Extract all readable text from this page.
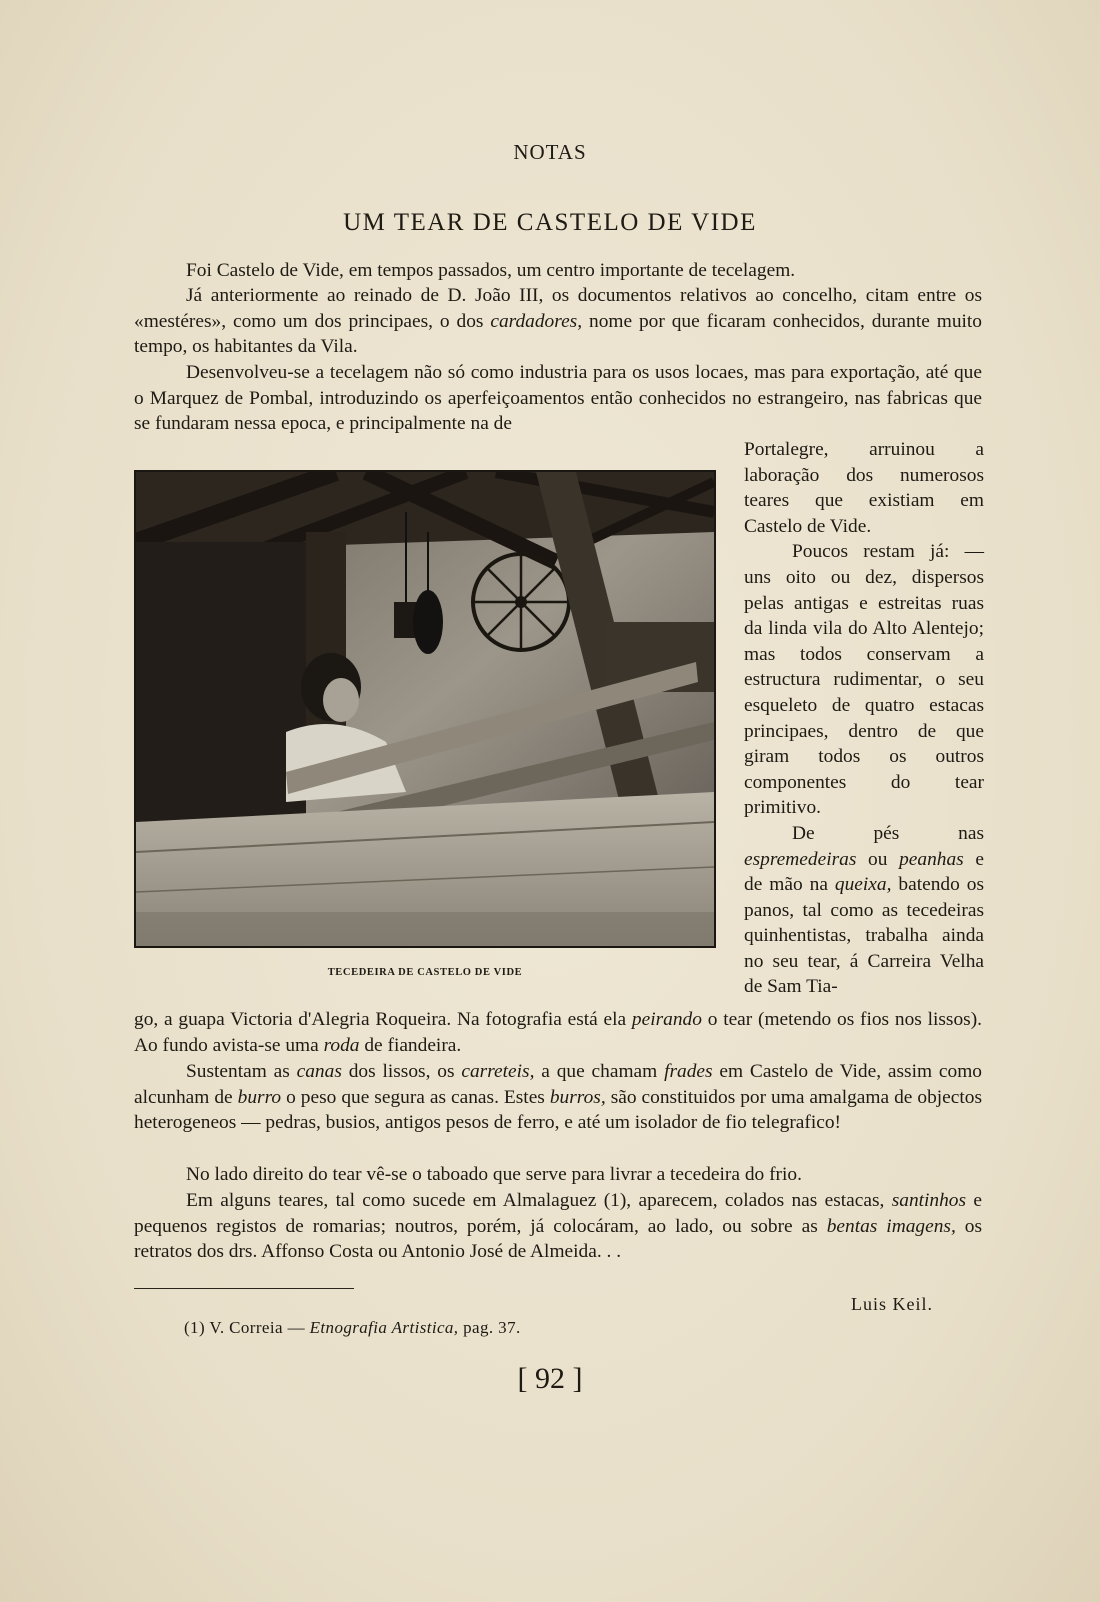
NOTAS
UM TEAR DE CASTELO DE VIDE

Foi Castelo de Vide, em tempos passados, um centro importante de tecelagem.

Já anteriormente ao reinado de D. João III, os documentos relativos ao concelho, citam entre os «mestéres», como um dos principaes, o dos cardadores, nome por que ficaram conhecidos, durante muito tempo, os habitantes da Vila.

Desenvolveu-se a tecelagem não só como industria para os usos locaes, mas para exportação, até que o Marquez de Pombal, introduzindo os aperfeiçoamentos então conhecidos no estrangeiro, nas fabricas que se fundaram nessa epoca, e principalmente na de

TECEDEIRA DE CASTELO DE VIDE

Portalegre, arruinou a laboração dos numerosos teares que existiam em Castelo de Vide.

Poucos restam já: — uns oito ou dez, dispersos pelas antigas e estreitas ruas da linda vila do Alto Alentejo; mas todos conservam a estructura rudimentar, o seu esqueleto de quatro estacas principaes, dentro de que giram todos os outros componentes do tear primitivo.

De pés nas espremedeiras ou peanhas e de mão na queixa, batendo os panos, tal como as tecedeiras quinhentistas, trabalha ainda no seu tear, á Carreira Velha de Sam Tia-

go, a guapa Victoria d'Alegria Roqueira. Na fotografia está ela peirando o tear (metendo os fios nos lissos). Ao fundo avista-se uma roda de fiandeira.

Sustentam as canas dos lissos, os carreteis, a que chamam frades em Castelo de Vide, assim como alcunham de burro o peso que segura as canas. Estes burros, são constituidos por uma amalgama de objectos heterogeneos — pedras, busios, antigos pesos de ferro, e até um isolador de fio telegrafico!

No lado direito do tear vê-se o taboado que serve para livrar a tecedeira do frio.

Em alguns teares, tal como sucede em Almalaguez (1), aparecem, colados nas estacas, santinhos e pequenos registos de romarias; noutros, porém, já colocáram, ao lado, ou sobre as bentas imagens, os retratos dos drs. Affonso Costa ou Antonio José de Almeida. . .

Luis Keil.
(1) V. Correia — Etnografia Artistica, pag. 37.
[ 92 ]
